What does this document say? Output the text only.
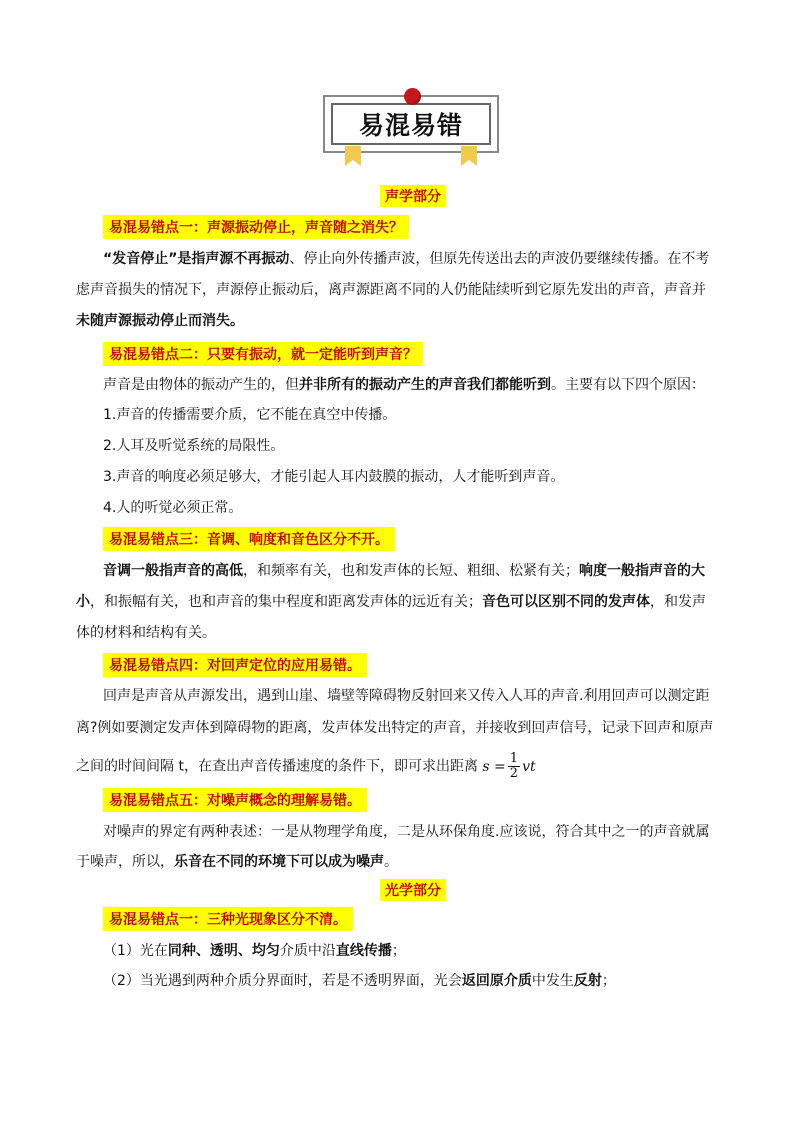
易混易错
声学部分
易混易错点一：声源振动停止，声音随之消失？
“发音停止”是指声源不再振动、停止向外传播声波，但原先传送出去的声波仍要继续传播。在不考
虑声音损失的情况下，声源停止振动后，离声源距离不同的人仍能陆续听到它原先发出的声音，声音并
未随声源振动停止而消失。
易混易错点二：只要有振动，就一定能听到声音？
声音是由物体的振动产生的，但并非所有的振动产生的声音我们都能听到。主要有以下四个原因：
1.声音的传播需要介质，它不能在真空中传播。
2.人耳及听觉系统的局限性。
3.声音的响度必须足够大，才能引起人耳内鼓膜的振动，人才能听到声音。
4.人的听觉必须正常。
易混易错点三：音调、响度和音色区分不开。
音调一般指声音的高低，和频率有关，也和发声体的长短、粗细、松紧有关；响度一般指声音的大
小，和振幅有关，也和声音的集中程度和距离发声体的远近有关；音色可以区别不同的发声体，和发声
体的材料和结构有关。
易混易错点四：对回声定位的应用易错。
回声是声音从声源发出，遇到山崖、墙壁等障碍物反射回来又传入人耳的声音.利用回声可以测定距
离?例如要测定发声体到障碍物的距离，发声体发出特定的声音，并接收到回声信号，记录下回声和原声
之间的时间间隔 t，在查出声音传播速度的条件下，即可求出距离 $s = \frac{1}{2}$ vt
易混易错点五：对噪声概念的理解易错。
对噪声的界定有两种表述：一是从物理学角度，二是从环保角度.应该说，符合其中之一的声音就属
于噪声，所以，乐音在不同的环境下可以成为噪声。
光学部分
易混易错点一：三种光现象区分不清。
（1）光在同种、透明、均匀介质中沿直线传播；
（2）当光遇到两种介质分界面时，若是不透明界面，光会返回原介质中发生反射；
